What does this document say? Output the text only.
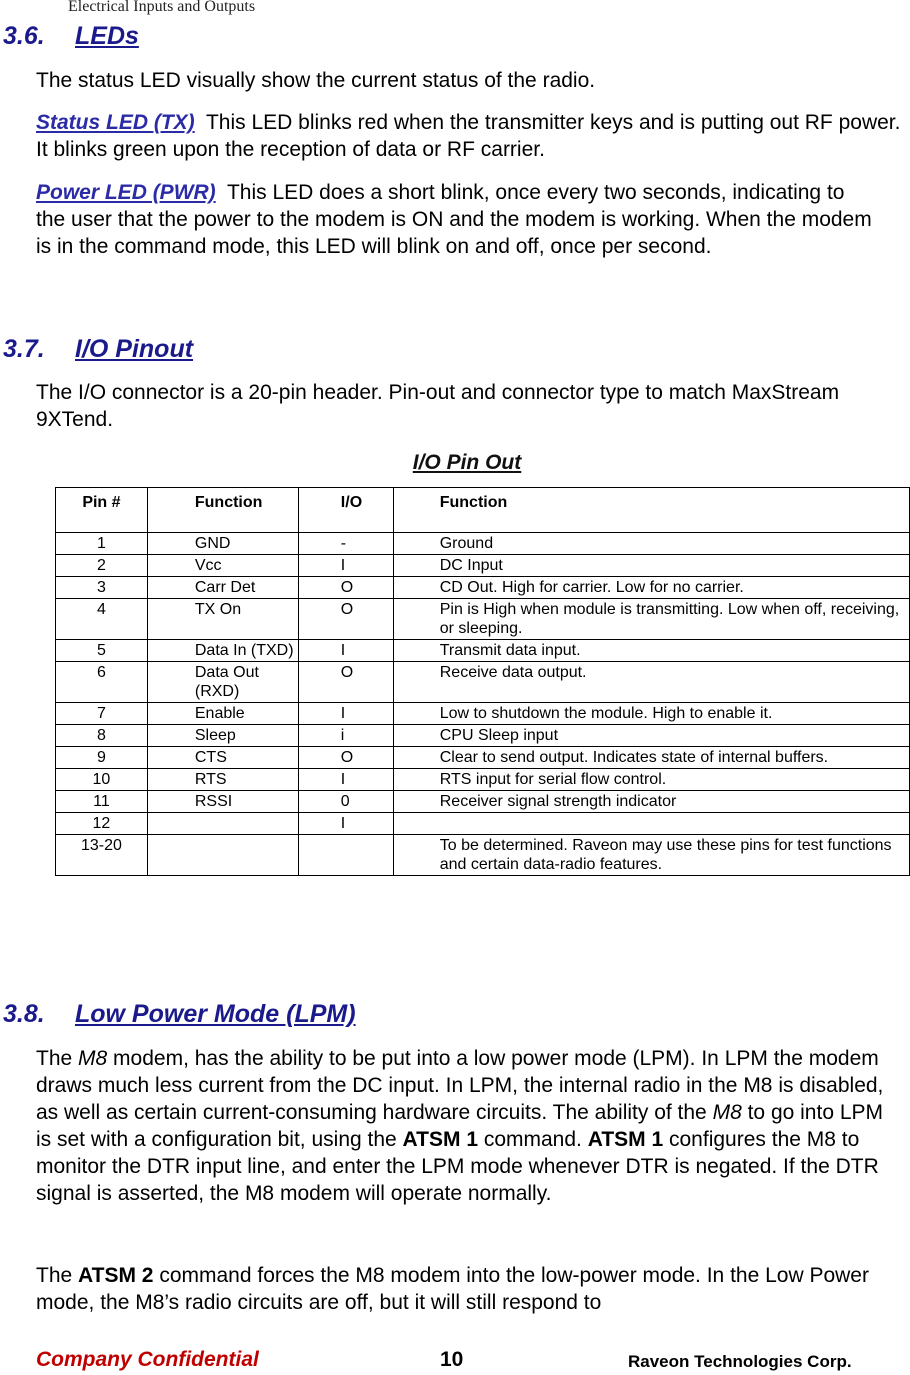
Electrical Inputs and Outputs
3.6. LEDs
The status LED visually show the current status of the radio.
Status LED (TX) This LED blinks red when the transmitter keys and is putting out RF power. It blinks green upon the reception of data or RF carrier.
Power LED (PWR) This LED does a short blink, once every two seconds, indicating to the user that the power to the modem is ON and the modem is working. When the modem is in the command mode, this LED will blink on and off, once per second.
3.7. I/O Pinout
The I/O connector is a 20-pin header. Pin-out and connector type to match MaxStream 9XTend.
I/O Pin Out
Pin #	Function	I/O	Function
1	GND	-	Ground
2	Vcc	I	DC Input
3	Carr Det	O	CD Out. High for carrier. Low for no carrier.
4	TX On	O	Pin is High when module is transmitting. Low when off, receiving, or sleeping.
5	Data In (TXD)	I	Transmit data input.
6	Data Out (RXD)	O	Receive data output.
7	Enable	I	Low to shutdown the module. High to enable it.
8	Sleep	i	CPU Sleep input
9	CTS	O	Clear to send output. Indicates state of internal buffers.
10	RTS	I	RTS input for serial flow control.
11	RSSI	0	Receiver signal strength indicator
12		I	
13-20			To be determined. Raveon may use these pins for test functions and certain data-radio features.
3.8. Low Power Mode (LPM)
The M8 modem, has the ability to be put into a low power mode (LPM). In LPM the modem draws much less current from the DC input. In LPM, the internal radio in the M8 is disabled, as well as certain current-consuming hardware circuits. The ability of the M8 to go into LPM is set with a configuration bit, using the ATSM 1 command. ATSM 1 configures the M8 to monitor the DTR input line, and enter the LPM mode whenever DTR is negated. If the DTR signal is asserted, the M8 modem will operate normally.
The ATSM 2 command forces the M8 modem into the low-power mode. In the Low Power mode, the M8’s radio circuits are off, but it will still respond to
Company Confidential	10	Raveon Technologies Corp.
